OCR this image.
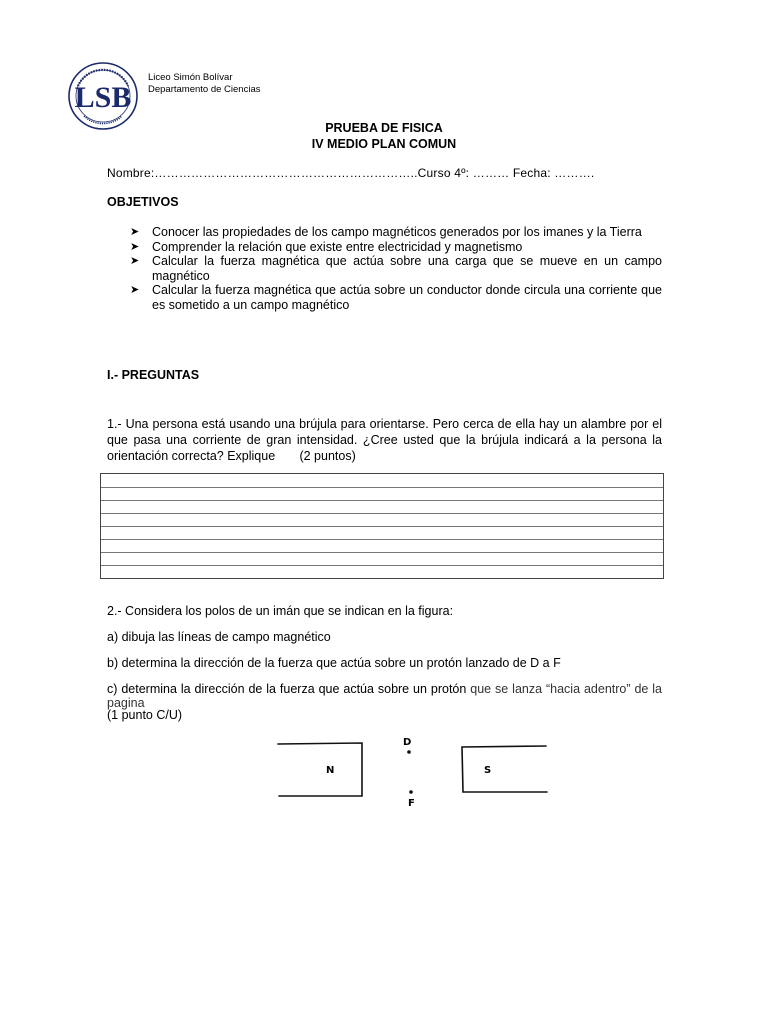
LSB
Liceo Simón Bolívar
Departamento de Ciencias
PRUEBA DE FISICA
IV MEDIO PLAN COMUN
Nombre:………………………………………………………..Curso 4º: ……… Fecha: ……….
OBJETIVOS
➤ Conocer las propiedades de los campo magnéticos generados por los imanes y la Tierra
➤ Comprender la relación que existe entre electricidad y magnetismo
➤ Calcular la fuerza magnética que actúa sobre una carga que se mueve en un campo magnético
➤ Calcular la fuerza magnética que actúa sobre un conductor donde circula una corriente que es sometido a un campo magnético
I.- PREGUNTAS
1.- Una persona está usando una brújula para orientarse. Pero cerca de ella hay un alambre por el que pasa una corriente de gran intensidad. ¿Cree usted que la brújula indicará a la persona la orientación correcta? Explique (2 puntos)
2.- Considera los polos de un imán que se indican en la figura:
a) dibuja las líneas de campo magnético
b) determina la dirección de la fuerza que actúa sobre un protón lanzado de D a F
c) determina la dirección de la fuerza que actúa sobre un protón que se lanza “hacia adentro” de la pagina
(1 punto C/U)
N	S
D
F
